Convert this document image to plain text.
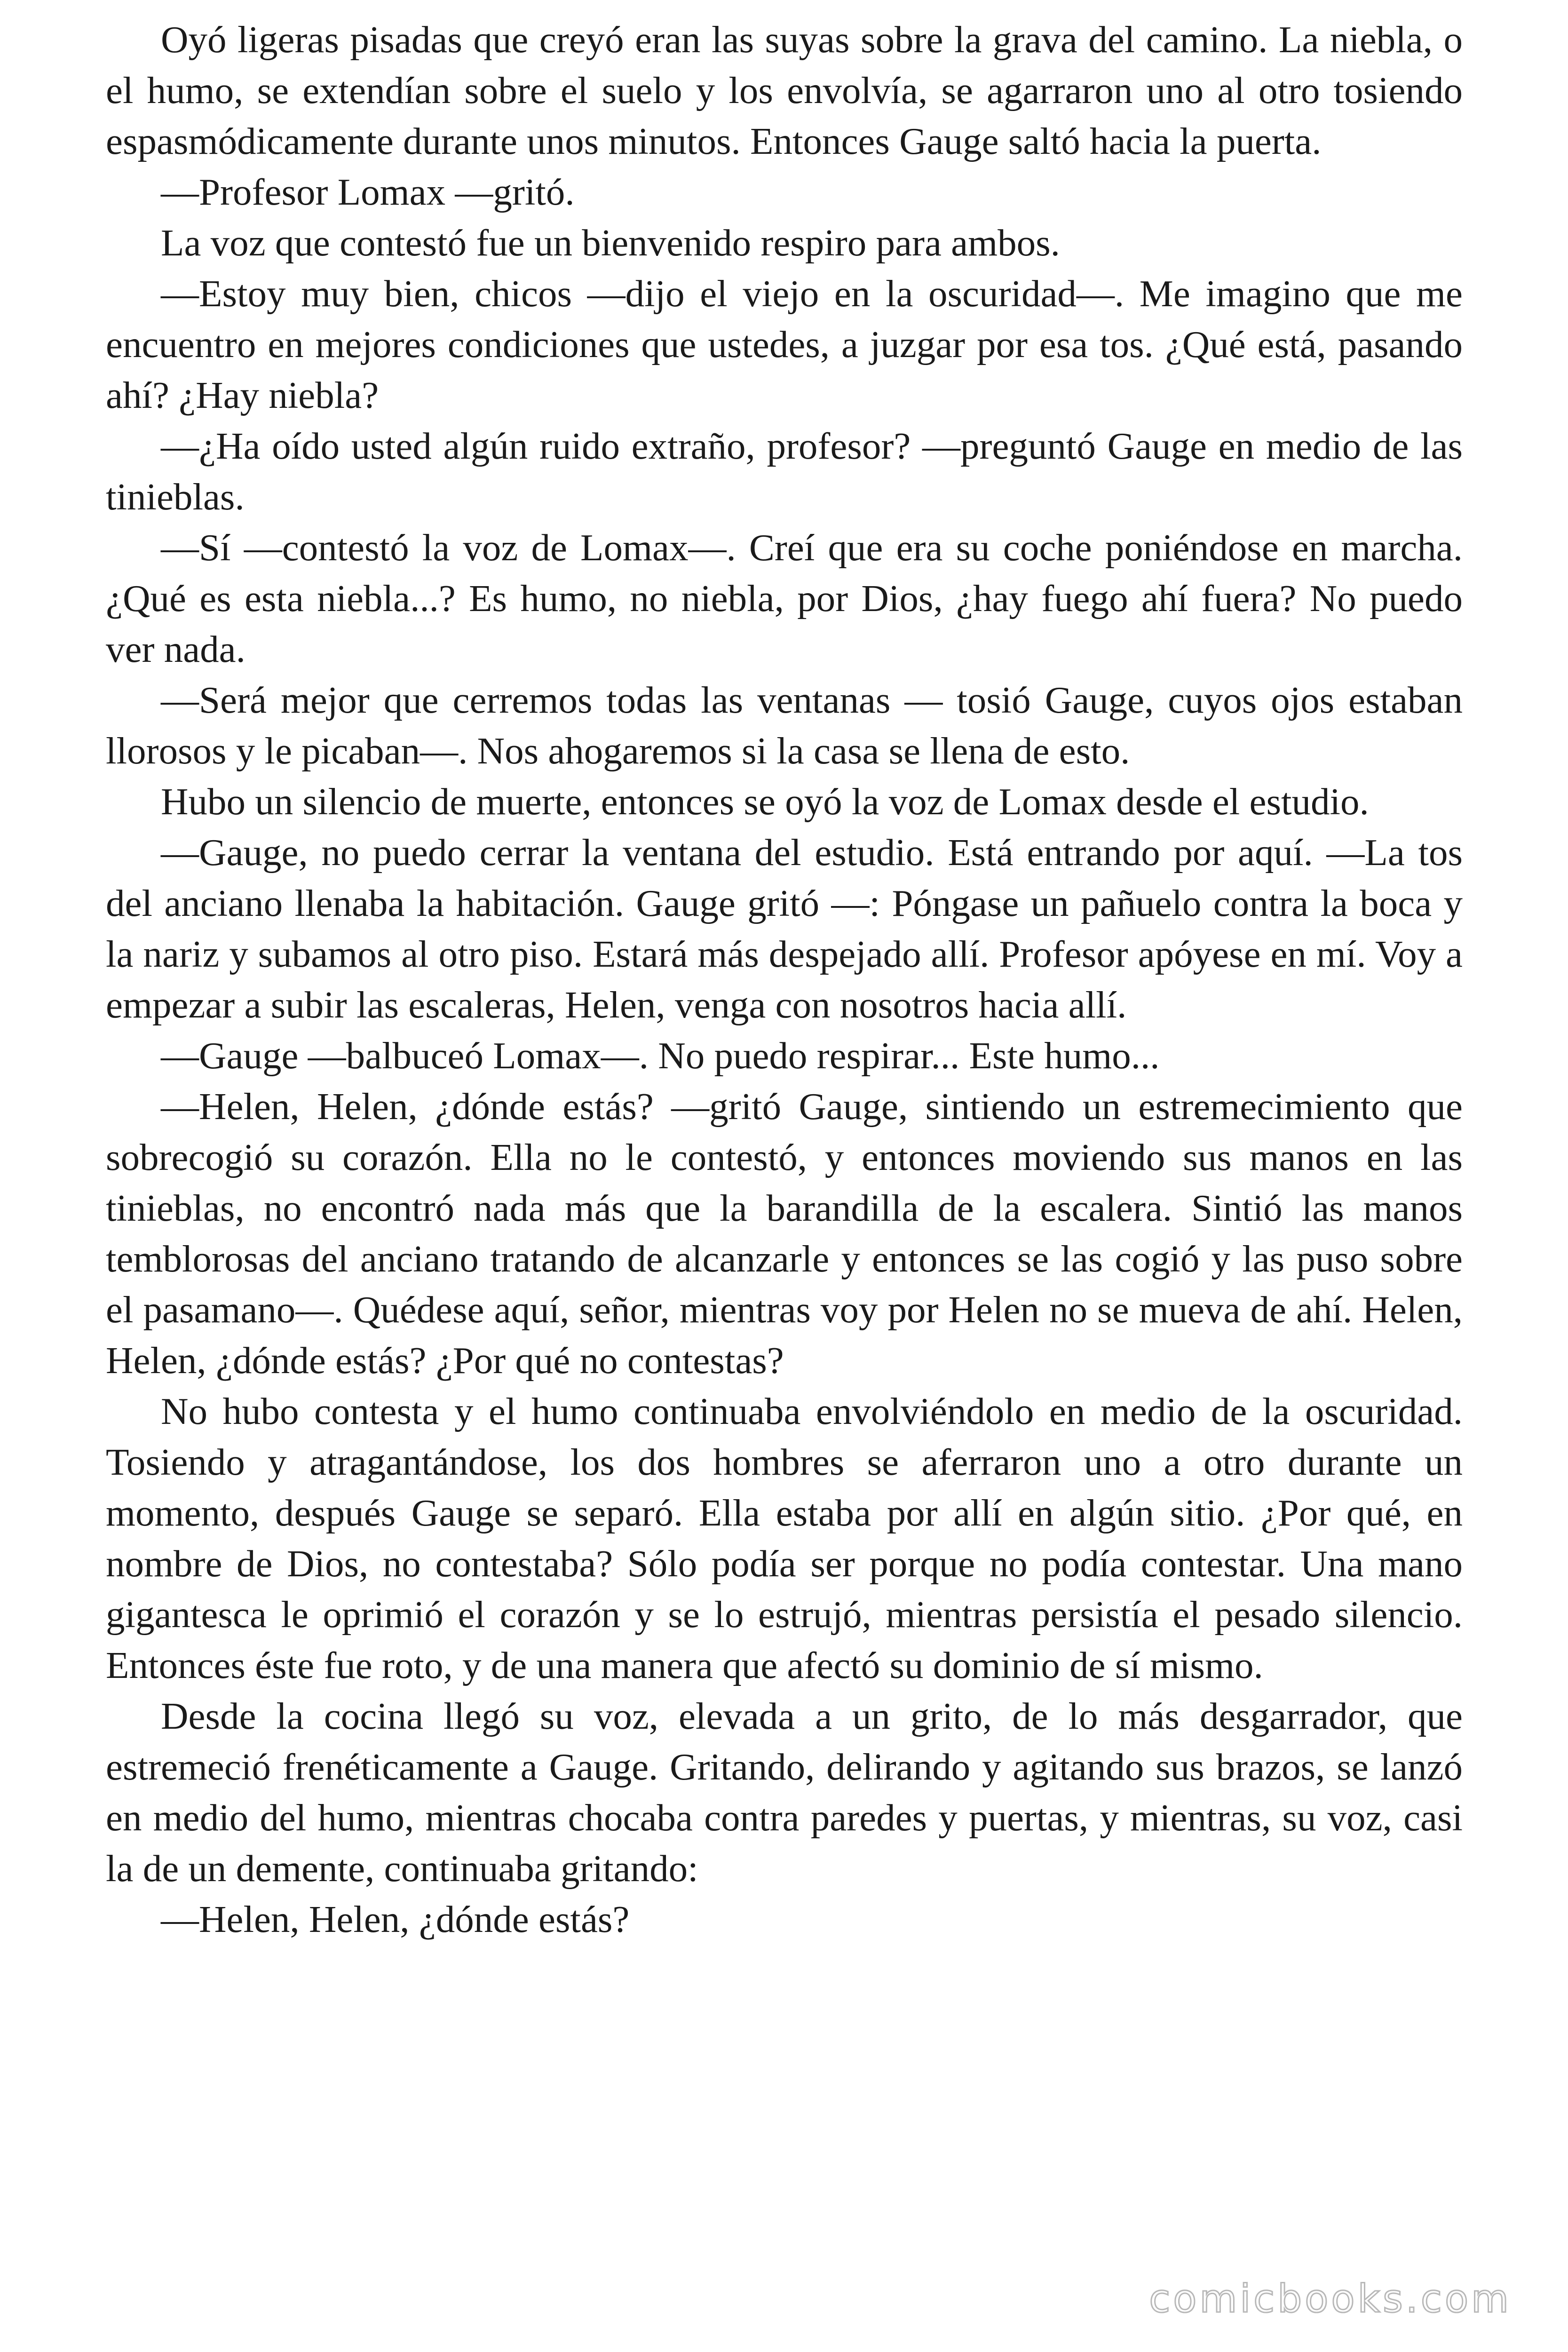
Oyó ligeras pisadas que creyó eran las suyas sobre la grava del camino. La niebla, o el humo, se extendían sobre el suelo y los envolvía, se agarraron uno al otro tosiendo espasmódicamente durante unos minutos. Entonces Gauge saltó hacia la puerta.

—Profesor Lomax —gritó.

La voz que contestó fue un bienvenido respiro para ambos.

—Estoy muy bien, chicos —dijo el viejo en la oscuridad—. Me imagino que me encuentro en mejores condiciones que ustedes, a juzgar por esa tos. ¿Qué está, pasando ahí? ¿Hay niebla?

—¿Ha oído usted algún ruido extraño, profesor? —preguntó Gauge en medio de las tinieblas.

—Sí —contestó la voz de Lomax—. Creí que era su coche poniéndose en marcha. ¿Qué es esta niebla...? Es humo, no niebla, por Dios, ¿hay fuego ahí fuera? No puedo ver nada.

—Será mejor que cerremos todas las ventanas — tosió Gauge, cuyos ojos estaban llorosos y le picaban—. Nos ahogaremos si la casa se llena de esto.

Hubo un silencio de muerte, entonces se oyó la voz de Lomax desde el estudio.

—Gauge, no puedo cerrar la ventana del estudio. Está entrando por aquí. —La tos del anciano llenaba la habitación. Gauge gritó —: Póngase un pañuelo contra la boca y la nariz y subamos al otro piso. Estará más despejado allí. Profesor apóyese en mí. Voy a empezar a subir las escaleras, Helen, venga con nosotros hacia allí.

—Gauge —balbuceó Lomax—. No puedo respirar... Este humo...

—Helen, Helen, ¿dónde estás? —gritó Gauge, sintiendo un estremecimiento que sobrecogió su corazón. Ella no le contestó, y entonces moviendo sus manos en las tinieblas, no encontró nada más que la barandilla de la escalera. Sintió las manos temblorosas del anciano tratando de alcanzarle y entonces se las cogió y las puso sobre el pasamano—. Quédese aquí, señor, mientras voy por Helen no se mueva de ahí. Helen, Helen, ¿dónde estás? ¿Por qué no contestas?

No hubo contesta y el humo continuaba envolviéndolo en medio de la oscuridad. Tosiendo y atragantándose, los dos hombres se aferraron uno a otro durante un momento, después Gauge se separó. Ella estaba por allí en algún sitio. ¿Por qué, en nombre de Dios, no contestaba? Sólo podía ser porque no podía contestar. Una mano gigantesca le oprimió el corazón y se lo estrujó, mientras persistía el pesado silencio. Entonces éste fue roto, y de una manera que afectó su dominio de sí mismo.

Desde la cocina llegó su voz, elevada a un grito, de lo más desgarrador, que estremeció frenéticamente a Gauge. Gritando, delirando y agitando sus brazos, se lanzó en medio del humo, mientras chocaba contra paredes y puertas, y mientras, su voz, casi la de un demente, continuaba gritando:

—Helen, Helen, ¿dónde estás?

comicbooks.com
